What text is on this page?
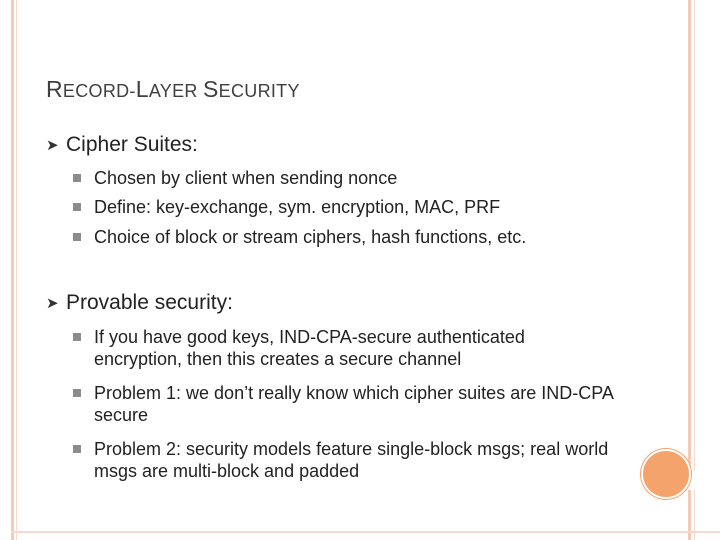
RECORD-LAYER SECURITY
➤ Cipher Suites:
Chosen by client when sending nonce
Define: key-exchange, sym. encryption, MAC, PRF
Choice of block or stream ciphers, hash functions, etc.
➤ Provable security:
If you have good keys, IND-CPA-secure authenticated encryption, then this creates a secure channel
Problem 1: we don’t really know which cipher suites are IND-CPA secure
Problem 2: security models feature single-block msgs; real world msgs are multi-block and padded
